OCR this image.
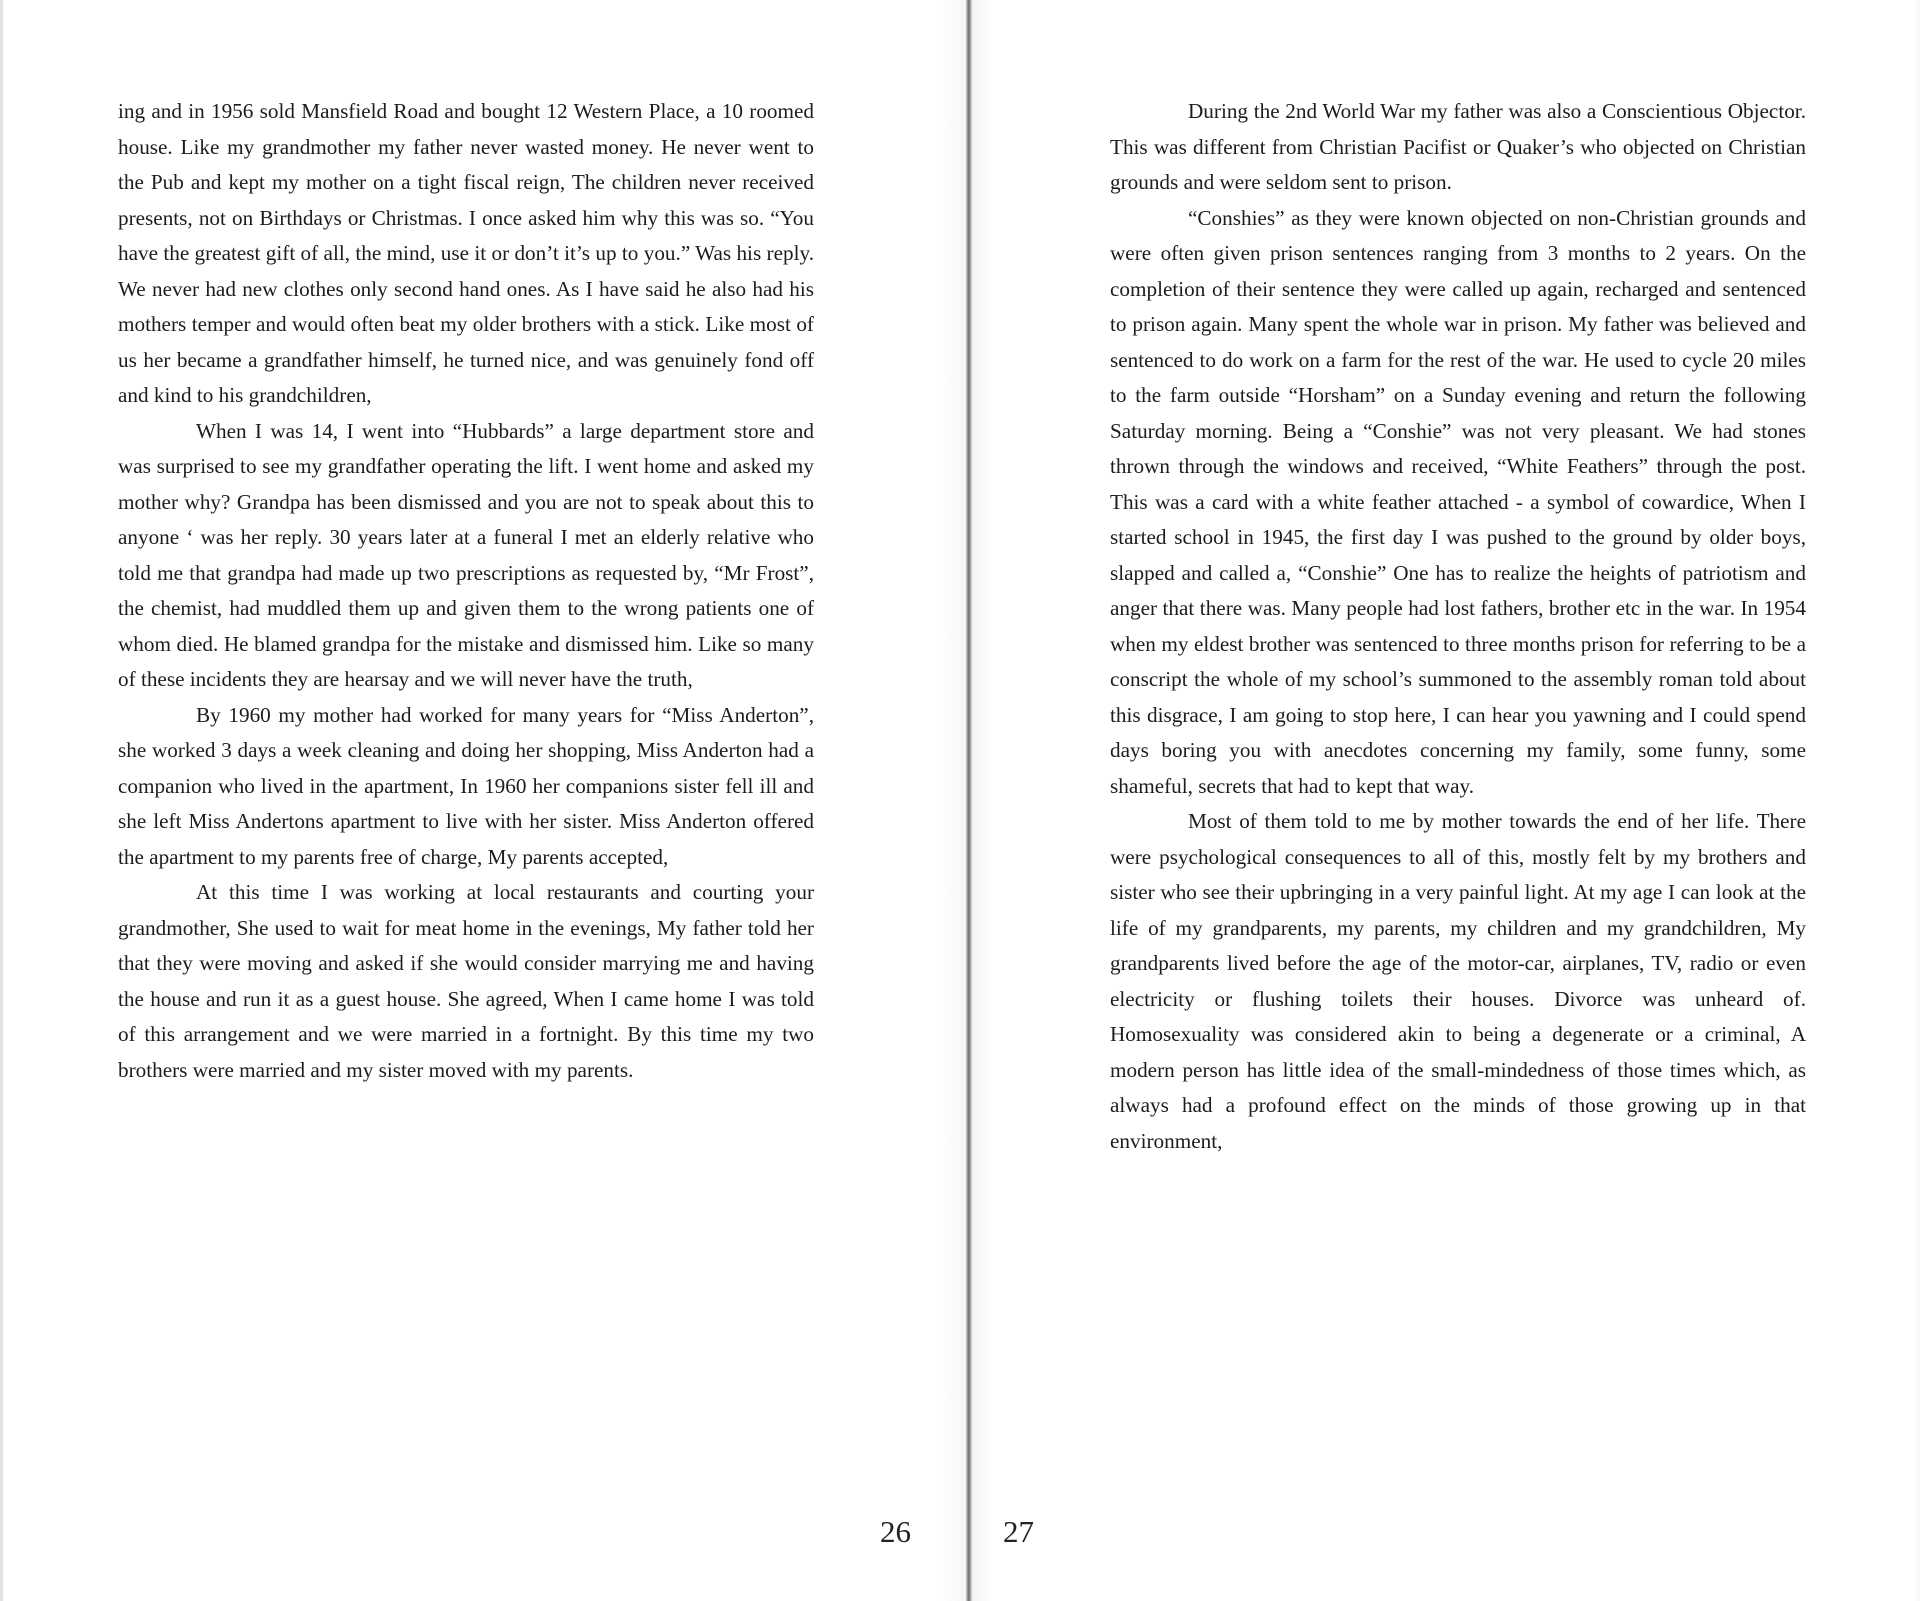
ing and in 1956 sold Mansfield Road and bought 12 Western Place, a 10 roomed house. Like my grandmother my father never wasted money. He never went to the Pub and kept my mother on a tight fiscal reign, The children never received presents, not on Birthdays or Christmas. I once asked him why this was so. “You have the greatest gift of all, the mind, use it or don’t it’s up to you.” Was his reply. We never had new clothes only second hand ones. As I have said he also had his mothers temper and would often beat my older brothers with a stick. Like most of us her became a grandfather himself, he turned nice, and was genuinely fond off and kind to his grandchildren,

When I was 14, I went into “Hubbards” a large department store and was surprised to see my grandfather operating the lift. I went home and asked my mother why? Grandpa has been dismissed and you are not to speak about this to anyone ‘ was her reply. 30 years later at a funeral I met an elderly relative who told me that grandpa had made up two prescriptions as requested by, “Mr Frost”, the chemist, had muddled them up and given them to the wrong patients one of whom died. He blamed grandpa for the mistake and dismissed him. Like so many of these incidents they are hearsay and we will never have the truth,

By 1960 my mother had worked for many years for “Miss Anderton”, she worked 3 days a week cleaning and doing her shopping, Miss Anderton had a companion who lived in the apartment, In 1960 her companions sister fell ill and she left Miss Andertons apartment to live with her sister. Miss Anderton offered the apartment to my parents free of charge, My parents accepted,

At this time I was working at local restaurants and courting your grandmother, She used to wait for meat home in the evenings, My father told her that they were moving and asked if she would consider marrying me and having the house and run it as a guest house. She agreed, When I came home I was told of this arrangement and we were married in a fortnight. By this time my two brothers were married and my sister moved with my parents.

26

During the 2nd World War my father was also a Conscientious Objector. This was different from Christian Pacifist or Quaker’s who objected on Christian grounds and were seldom sent to prison.

“Conshies” as they were known objected on non-Christian grounds and were often given prison sentences ranging from 3 months to 2 years. On the completion of their sentence they were called up again, recharged and sentenced to prison again. Many spent the whole war in prison. My father was believed and sentenced to do work on a farm for the rest of the war. He used to cycle 20 miles to the farm outside “Horsham” on a Sunday evening and return the following Saturday morning. Being a “Conshie” was not very pleasant. We had stones thrown through the windows and received, “White Feathers” through the post. This was a card with a white feather attached - a symbol of cowardice, When I started school in 1945, the first day I was pushed to the ground by older boys, slapped and called a, “Conshie” One has to realize the heights of patriotism and anger that there was. Many people had lost fathers, brother etc in the war. In 1954 when my eldest brother was sentenced to three months prison for referring to be a conscript the whole of my school’s summoned to the assembly roman told about this disgrace, I am going to stop here, I can hear you yawning and I could spend days boring you with anecdotes concerning my family, some funny, some shameful, secrets that had to kept that way.

Most of them told to me by mother towards the end of her life. There were psychological consequences to all of this, mostly felt by my brothers and sister who see their upbringing in a very painful light. At my age I can look at the life of my grandparents, my parents, my children and my grandchildren, My grandparents lived before the age of the motor-car, airplanes, TV, radio or even electricity or flushing toilets their houses. Divorce was unheard of. Homosexuality was considered akin to being a degenerate or a criminal, A modern person has little idea of the small-mindedness of those times which, as always had a profound effect on the minds of those growing up in that environment,

27
